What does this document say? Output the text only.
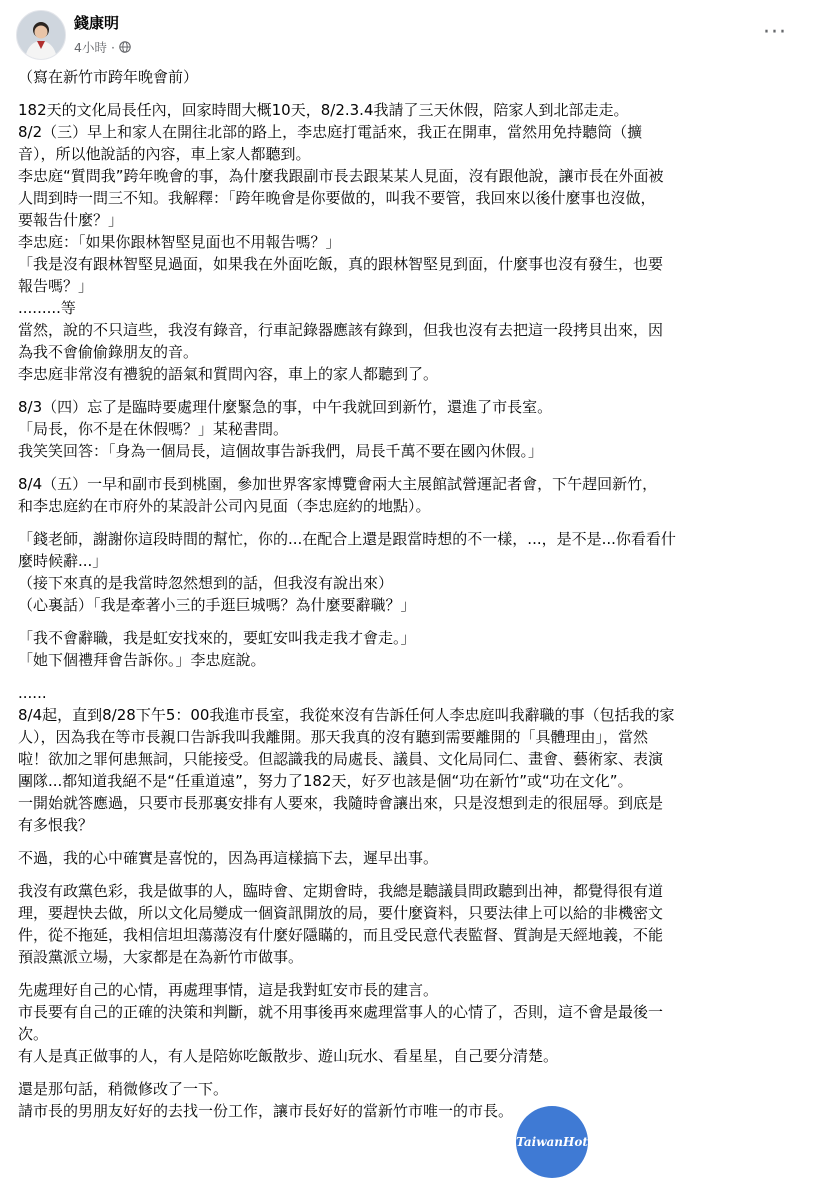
錢康明
4小時 ·
···

（寫在新竹市跨年晚會前）

182天的文化局長任內，回家時間大概10天，8/2.3.4我請了三天休假，陪家人到北部走走。

8/2（三）早上和家人在開往北部的路上，李忠庭打電話來，我正在開車，當然用免持聽筒（擴
音），所以他說話的內容，車上家人都聽到。

李忠庭“質問我”跨年晚會的事，為什麼我跟副市長去跟某某人見面，沒有跟他說，讓市長在外面被
人問到時一問三不知。我解釋：「跨年晚會是你要做的，叫我不要管，我回來以後什麼事也沒做，
要報告什麼？」

李忠庭：「如果你跟林智堅見面也不用報告嗎？」

「我是沒有跟林智堅見過面，如果我在外面吃飯，真的跟林智堅見到面，什麼事也沒有發生，也要
報告嗎？」

.........等

當然，說的不只這些，我沒有錄音，行車記錄器應該有錄到，但我也沒有去把這一段拷貝出來，因
為我不會偷偷錄朋友的音。

李忠庭非常沒有禮貌的語氣和質問內容，車上的家人都聽到了。

8/3（四）忘了是臨時要處理什麼緊急的事，中午我就回到新竹，還進了市長室。

「局長，你不是在休假嗎？」某秘書問。

我笑笑回答：「身為一個局長，這個故事告訴我們，局長千萬不要在國內休假。」

8/4（五）一早和副市長到桃園，參加世界客家博覽會兩大主展館試營運記者會，下午趕回新竹，
和李忠庭約在市府外的某設計公司內見面（李忠庭約的地點）。

「錢老師，謝謝你這段時間的幫忙，你的...在配合上還是跟當時想的不一樣，...，是不是...你看看什
麼時候辭...」

（接下來真的是我當時忽然想到的話，但我沒有說出來）

（心裏話）「我是牽著小三的手逛巨城嗎？為什麼要辭職？」

「我不會辭職，我是虹安找來的，要虹安叫我走我才會走。」

「她下個禮拜會告訴你。」李忠庭說。

......

8/4起，直到8/28下午5：00我進市長室，我從來沒有告訴任何人李忠庭叫我辭職的事（包括我的家
人），因為我在等市長親口告訴我叫我離開。那天我真的沒有聽到需要離開的「具體理由」，當然
啦！欲加之罪何患無詞，只能接受。但認識我的局處長、議員、文化局同仁、畫會、藝術家、表演
團隊...都知道我絕不是“任重道遠”，努力了182天，好歹也該是個“功在新竹”或“功在文化”。

一開始就答應過，只要市長那裏安排有人要來，我隨時會讓出來，只是沒想到走的很屈辱。到底是
有多恨我？

不過，我的心中確實是喜悅的，因為再這樣搞下去，遲早出事。

我沒有政黨色彩，我是做事的人，臨時會、定期會時，我總是聽議員問政聽到出神，都覺得很有道
理，要趕快去做，所以文化局變成一個資訊開放的局，要什麼資料，只要法律上可以給的非機密文
件，從不拖延，我相信坦坦蕩蕩沒有什麼好隱瞞的，而且受民意代表監督、質詢是天經地義，不能
預設黨派立場，大家都是在為新竹市做事。

先處理好自己的心情，再處理事情，這是我對虹安市長的建言。

市長要有自己的正確的決策和判斷，就不用事後再來處理當事人的心情了，否則，這不會是最後一
次。

有人是真正做事的人，有人是陪妳吃飯散步、遊山玩水、看星星，自己要分清楚。

還是那句話，稍微修改了一下。

請市長的男朋友好好的去找一份工作，讓市長好好的當新竹市唯一的市長。

TaiwanHot
